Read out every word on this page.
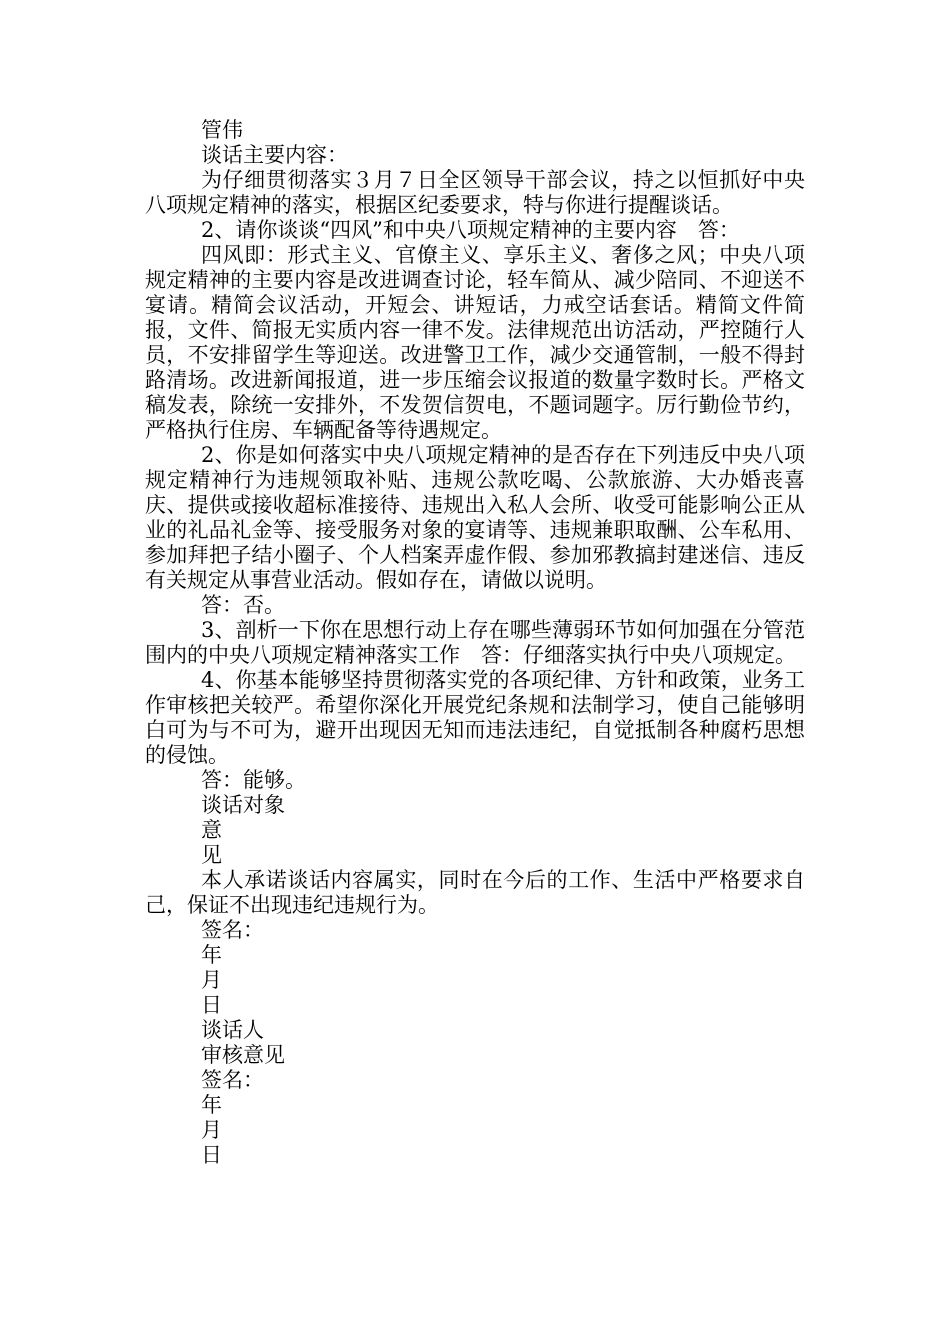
管伟
谈话主要内容：

为仔细贯彻落实３月７日全区领导干部会议，持之以恒抓好中央八项规定精神的落实，根据区纪委要求，特与你进行提醒谈话。

2、请你谈谈“四风”和中央八项规定精神的主要内容　答：

四风即：形式主义、官僚主义、享乐主义、奢侈之风；中央八项规定精神的主要内容是改进调查讨论，轻车简从、减少陪同、不迎送不宴请。精简会议活动，开短会、讲短话，力戒空话套话。精简文件简报，文件、简报无实质内容一律不发。法律规范出访活动，严控随行人员，不安排留学生等迎送。改进警卫工作，减少交通管制，一般不得封路清场。改进新闻报道，进一步压缩会议报道的数量字数时长。严格文稿发表，除统一安排外，不发贺信贺电，不题词题字。厉行勤俭节约，严格执行住房、车辆配备等待遇规定。

2、你是如何落实中央八项规定精神的是否存在下列违反中央八项规定精神行为违规领取补贴、违规公款吃喝、公款旅游、大办婚丧喜庆、提供或接收超标准接待、违规出入私人会所、收受可能影响公正从业的礼品礼金等、接受服务对象的宴请等、违规兼职取酬、公车私用、参加拜把子结小圈子、个人档案弄虚作假、参加邪教搞封建迷信、违反有关规定从事营业活动。假如存在，请做以说明。

答：否。

3、剖析一下你在思想行动上存在哪些薄弱环节如何加强在分管范围内的中央八项规定精神落实工作　答：仔细落实执行中央八项规定。

4、你基本能够坚持贯彻落实党的各项纪律、方针和政策，业务工作审核把关较严。希望你深化开展党纪条规和法制学习，使自己能够明白可为与不可为，避开出现因无知而违法违纪，自觉抵制各种腐朽思想的侵蚀。

答：能够。
谈话对象
意
见

本人承诺谈话内容属实，同时在今后的工作、生活中严格要求自己，保证不出现违纪违规行为。

签名：
年
月
日
谈话人
审核意见
签名：
年
月
日
